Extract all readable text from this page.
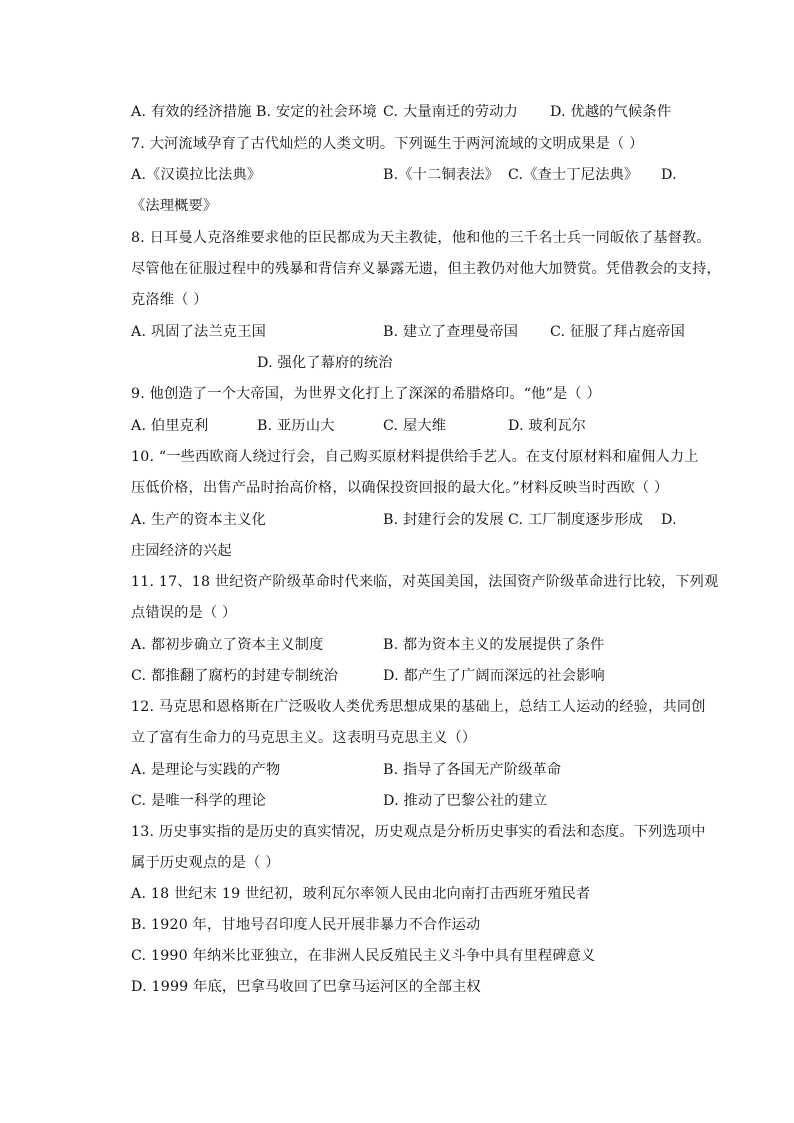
A. 有效的经济措施 B. 安定的社会环境 C. 大量南迁的劳动力 D. 优越的气候条件
7. 大河流域孕育了古代灿烂的人类文明。下列诞生于两河流域的文明成果是（ ）
A.《汉谟拉比法典》	B.《十二铜表法》 C.《查士丁尼法典》 D.
《法理概要》
8. 日耳曼人克洛维要求他的臣民都成为天主教徒，他和他的三千名士兵一同皈依了基督教。
尽管他在征服过程中的残暴和背信弃义暴露无遗，但主教仍对他大加赞赏。凭借教会的支持，
克洛维（ ）
A. 巩固了法兰克王国	B. 建立了查理曼帝国 C. 征服了拜占庭帝国
D. 强化了幕府的统治
9. 他创造了一个大帝国，为世界文化打上了深深的希腊烙印。“他”是（ ）
A. 伯里克利	B. 亚历山大	C. 屋大维	D. 玻利瓦尔
10. “一些西欧商人绕过行会，自己购买原材料提供给手艺人。在支付原材料和雇佣人力上
压低价格，出售产品时抬高价格，以确保投资回报的最大化。”材料反映当时西欧（ ）
A. 生产的资本主义化	B. 封建行会的发展 C. 工厂制度逐步形成 D.
庄园经济的兴起
11. 17、18 世纪资产阶级革命时代来临，对英国美国，法国资产阶级革命进行比较，下列观
点错误的是（ ）
A. 都初步确立了资本主义制度	B. 都为资本主义的发展提供了条件
C. 都推翻了腐朽的封建专制统治	D. 都产生了广阔而深远的社会影响
12. 马克思和恩格斯在广泛吸收人类优秀思想成果的基础上，总结工人运动的经验，共同创
立了富有生命力的马克思主义。这表明马克思主义（）
A. 是理论与实践的产物	B. 指导了各国无产阶级革命
C. 是唯一科学的理论	D. 推动了巴黎公社的建立
13. 历史事实指的是历史的真实情况，历史观点是分析历史事实的看法和态度。下列选项中
属于历史观点的是（ ）
A. 18 世纪末 19 世纪初，玻利瓦尔率领人民由北向南打击西班牙殖民者
B. 1920 年，甘地号召印度人民开展非暴力不合作运动
C. 1990 年纳米比亚独立，在非洲人民反殖民主义斗争中具有里程碑意义
D. 1999 年底，巴拿马收回了巴拿马运河区的全部主权
